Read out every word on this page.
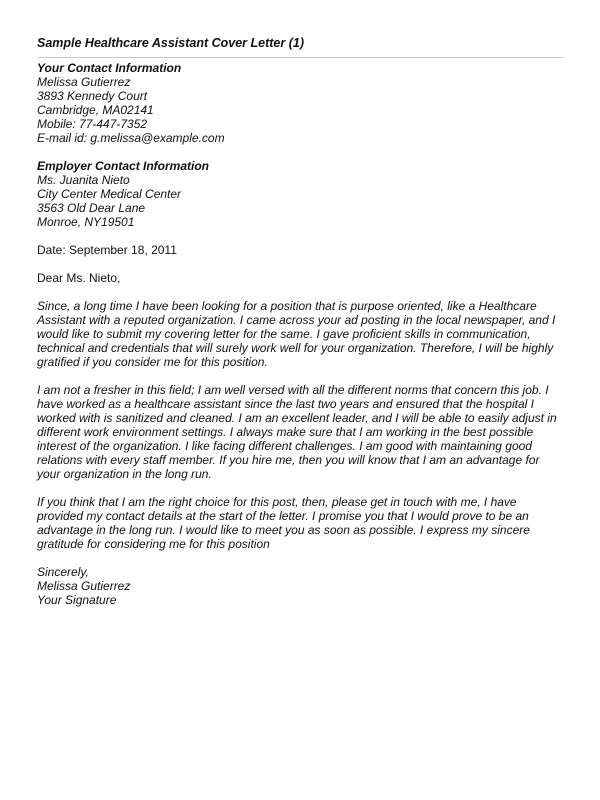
Sample Healthcare Assistant Cover Letter (1)
Your Contact Information
Melissa Gutierrez
3893 Kennedy Court
Cambridge, MA02141
Mobile: 77-447-7352
E-mail id: g.melissa@example.com
Employer Contact Information
Ms. Juanita Nieto
City Center Medical Center
3563 Old Dear Lane
Monroe, NY19501
Date: September 18, 2011
Dear Ms. Nieto,
Since, a long time I have been looking for a position that is purpose oriented, like a Healthcare
Assistant with a reputed organization. I came across your ad posting in the local newspaper, and I
would like to submit my covering letter for the same. I gave proficient skills in communication,
technical and credentials that will surely work well for your organization. Therefore, I will be highly
gratified if you consider me for this position.
I am not a fresher in this field; I am well versed with all the different norms that concern this job. I
have worked as a healthcare assistant since the last two years and ensured that the hospital I
worked with is sanitized and cleaned. I am an excellent leader, and I will be able to easily adjust in
different work environment settings. I always make sure that I am working in the best possible
interest of the organization. I like facing different challenges. I am good with maintaining good
relations with every staff member. If you hire me, then you will know that I am an advantage for
your organization in the long run.
If you think that I am the right choice for this post, then, please get in touch with me, I have
provided my contact details at the start of the letter. I promise you that I would prove to be an
advantage in the long run. I would like to meet you as soon as possible. I express my sincere
gratitude for considering me for this position
Sincerely,
Melissa Gutierrez
Your Signature
